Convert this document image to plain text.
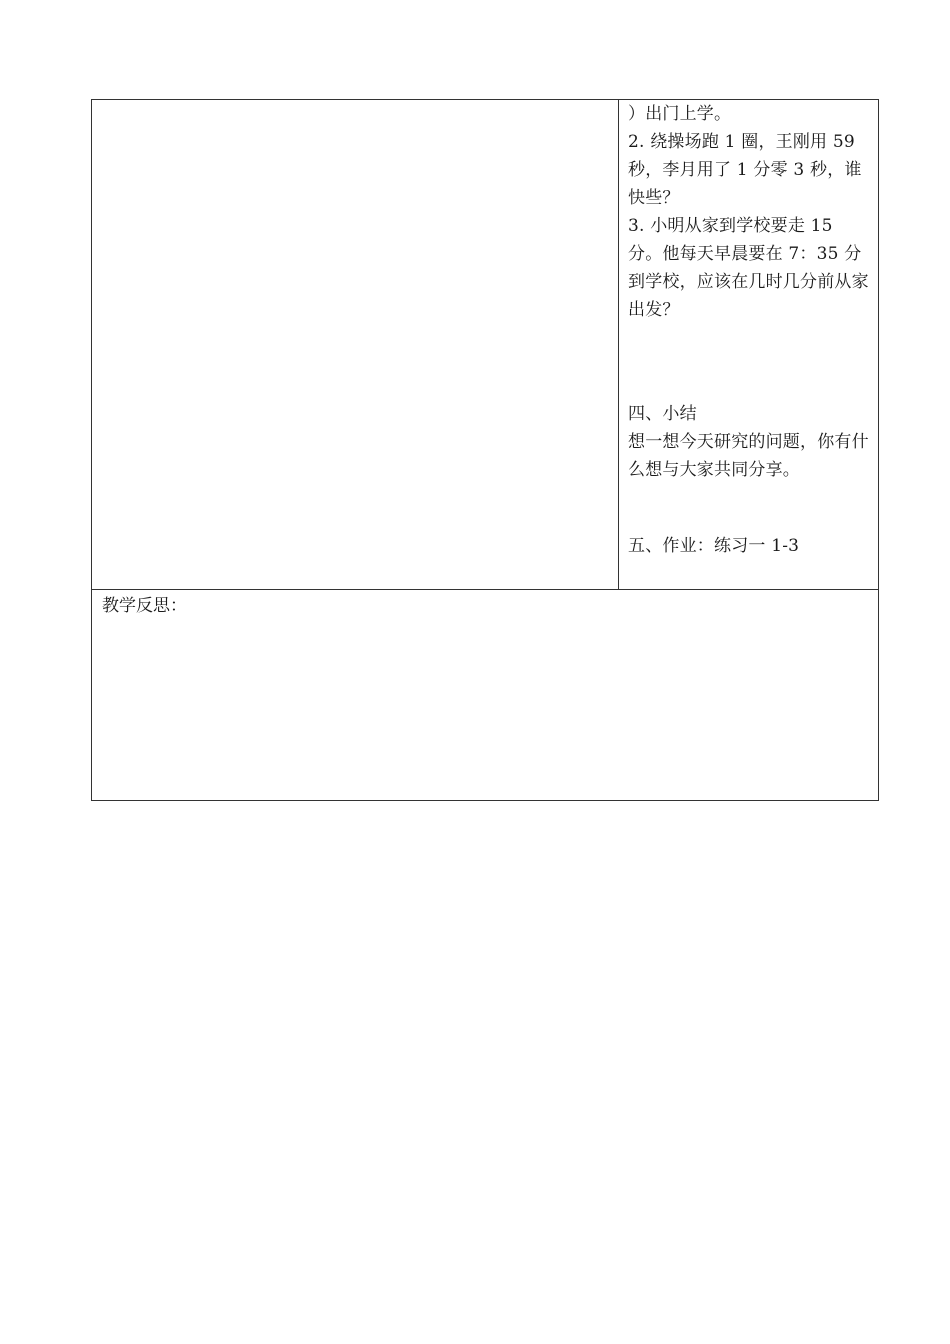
）出门上学。

2. 绕操场跑 1 圈，王刚用 59 秒，李月用了 1 分零 3 秒，谁快些？

3. 小明从家到学校要走 15 分。他每天早晨要在 7：35 分到学校，应该在几时几分前从家出发？

四、小结

想一想今天研究的问题，你有什么想与大家共同分享。

五、作业：练习一 1-3

教学反思：
